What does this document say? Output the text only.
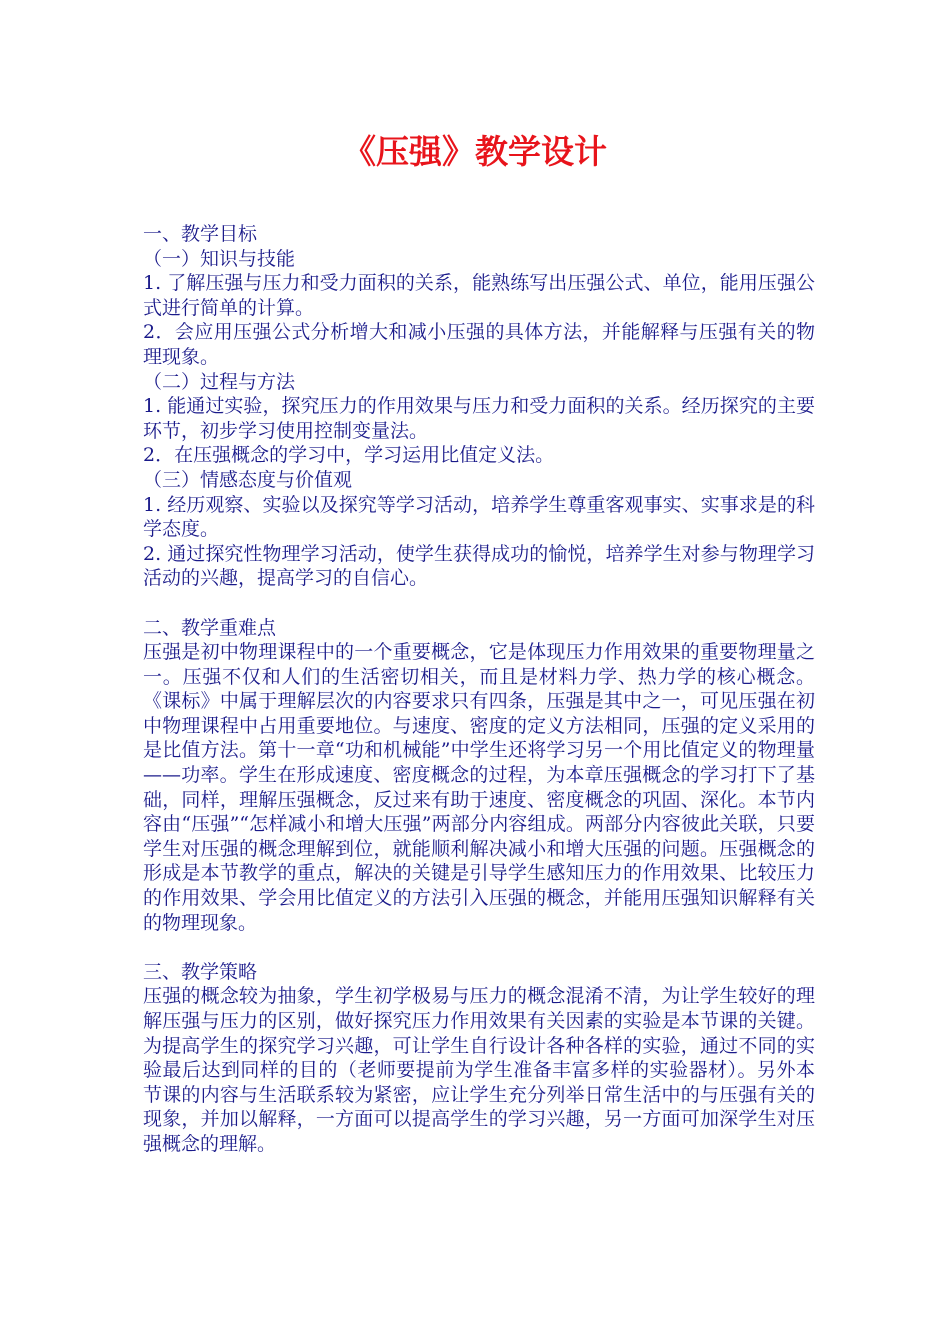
《压强》教学设计

一、教学目标

（一）知识与技能

1. 了解压强与压力和受力面积的关系，能熟练写出压强公式、单位，能用压强公式进行简单的计算。

2．会应用压强公式分析增大和减小压强的具体方法，并能解释与压强有关的物理现象。

（二）过程与方法

1. 能通过实验，探究压力的作用效果与压力和受力面积的关系。经历探究的主要环节，初步学习使用控制变量法。

2．在压强概念的学习中，学习运用比值定义法。

（三）情感态度与价值观

1. 经历观察、实验以及探究等学习活动，培养学生尊重客观事实、实事求是的科学态度。

2. 通过探究性物理学习活动，使学生获得成功的愉悦，培养学生对参与物理学习活动的兴趣，提高学习的自信心。

二、教学重难点

压强是初中物理课程中的一个重要概念，它是体现压力作用效果的重要物理量之一。压强不仅和人们的生活密切相关，而且是材料力学、热力学的核心概念。《课标》中属于理解层次的内容要求只有四条，压强是其中之一，可见压强在初中物理课程中占用重要地位。与速度、密度的定义方法相同，压强的定义采用的是比值方法。第十一章“功和机械能”中学生还将学习另一个用比值定义的物理量——功率。学生在形成速度、密度概念的过程，为本章压强概念的学习打下了基础，同样，理解压强概念，反过来有助于速度、密度概念的巩固、深化。本节内容由“压强”“怎样减小和增大压强”两部分内容组成。两部分内容彼此关联，只要学生对压强的概念理解到位，就能顺利解决减小和增大压强的问题。压强概念的形成是本节教学的重点，解决的关键是引导学生感知压力的作用效果、比较压力的作用效果、学会用比值定义的方法引入压强的概念，并能用压强知识解释有关的物理现象。

三、教学策略

压强的概念较为抽象，学生初学极易与压力的概念混淆不清，为让学生较好的理解压强与压力的区别，做好探究压力作用效果有关因素的实验是本节课的关键。为提高学生的探究学习兴趣，可让学生自行设计各种各样的实验，通过不同的实验最后达到同样的目的（老师要提前为学生准备丰富多样的实验器材）。另外本节课的内容与生活联系较为紧密，应让学生充分列举日常生活中的与压强有关的现象，并加以解释，一方面可以提高学生的学习兴趣，另一方面可加深学生对压强概念的理解。
